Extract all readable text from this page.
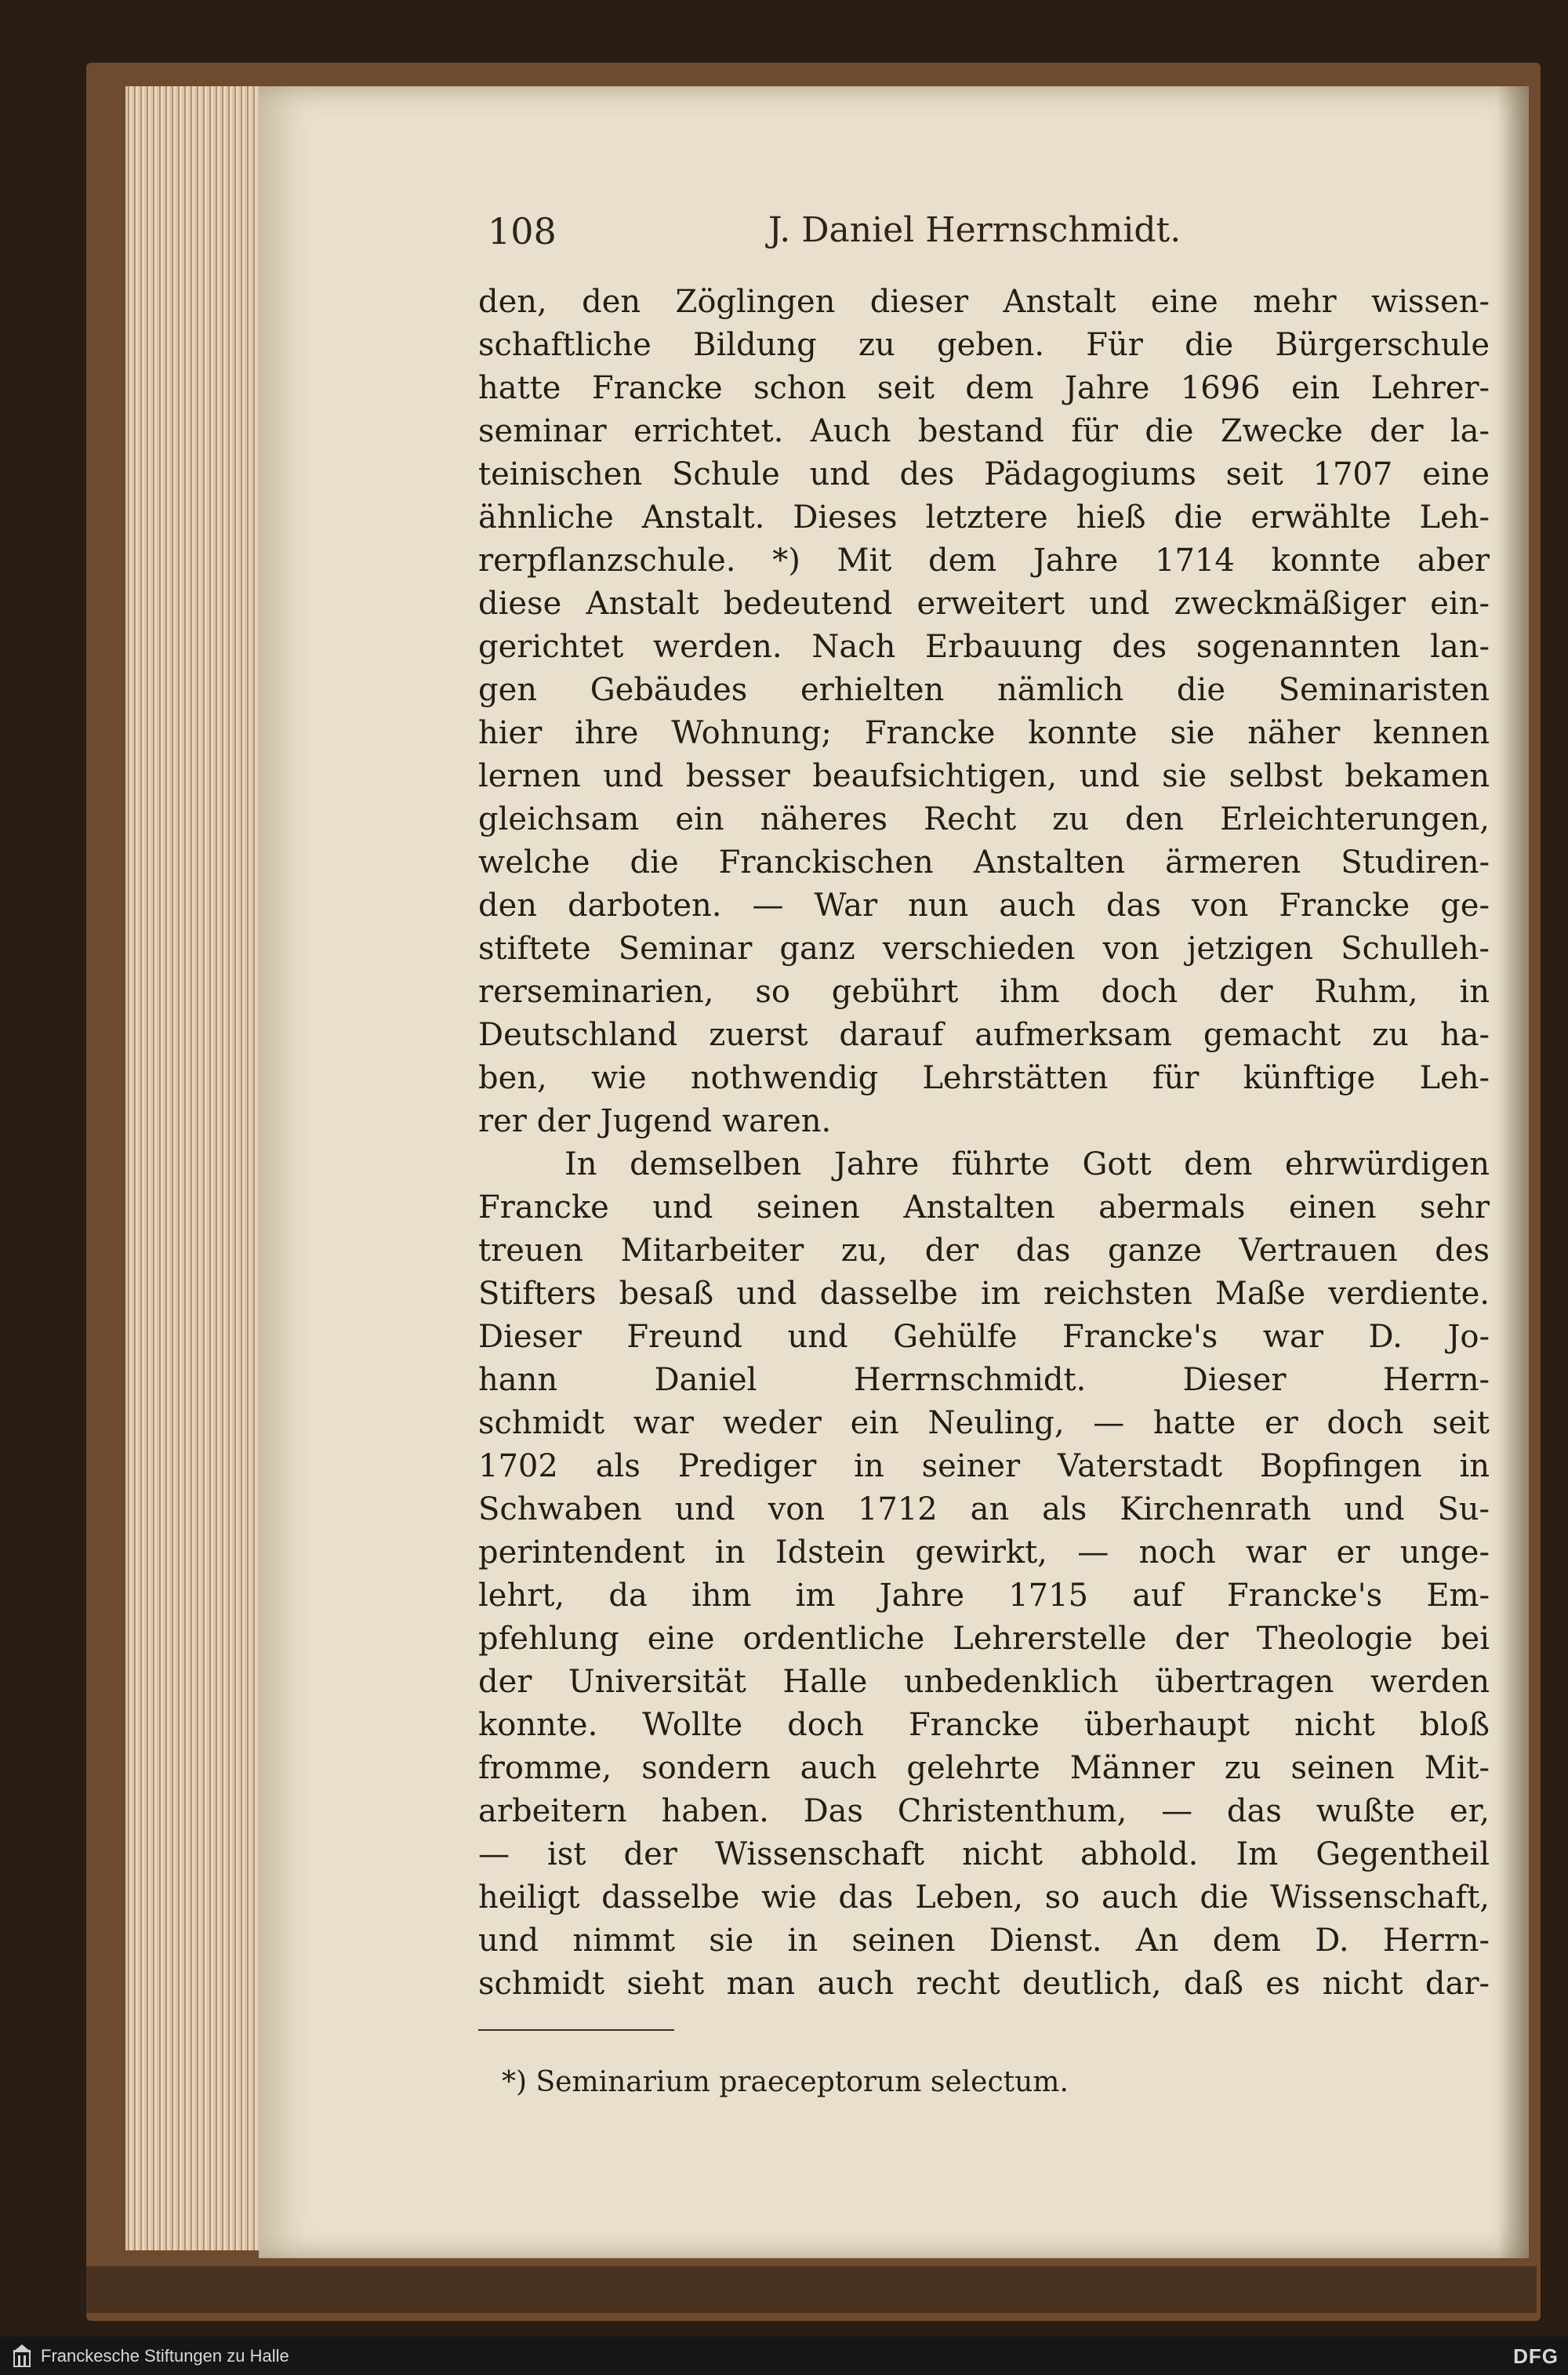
108	J. Daniel Herrnschmidt.
den, den Zöglingen dieser Anstalt eine mehr wissen-
schaftliche Bildung zu geben. Für die Bürgerschule
hatte Francke schon seit dem Jahre 1696 ein Lehrer-
seminar errichtet. Auch bestand für die Zwecke der la-
teinischen Schule und des Pädagogiums seit 1707 eine
ähnliche Anstalt. Dieses letztere hieß die erwählte Leh-
rerpflanzschule. *) Mit dem Jahre 1714 konnte aber
diese Anstalt bedeutend erweitert und zweckmäßiger ein-
gerichtet werden. Nach Erbauung des sogenannten lan-
gen Gebäudes erhielten nämlich die Seminaristen
hier ihre Wohnung; Francke konnte sie näher kennen
lernen und besser beaufsichtigen, und sie selbst bekamen
gleichsam ein näheres Recht zu den Erleichterungen,
welche die Franckischen Anstalten ärmeren Studiren-
den darboten. — War nun auch das von Francke ge-
stiftete Seminar ganz verschieden von jetzigen Schulleh-
rerseminarien, so gebührt ihm doch der Ruhm, in
Deutschland zuerst darauf aufmerksam gemacht zu ha-
ben, wie nothwendig Lehrstätten für künftige Leh-
rer der Jugend waren.
In demselben Jahre führte Gott dem ehrwürdigen
Francke und seinen Anstalten abermals einen sehr
treuen Mitarbeiter zu, der das ganze Vertrauen des
Stifters besaß und dasselbe im reichsten Maße verdiente.
Dieser Freund und Gehülfe Francke's war D. Jo-
hann Daniel Herrnschmidt. Dieser Herrn-
schmidt war weder ein Neuling, — hatte er doch seit
1702 als Prediger in seiner Vaterstadt Bopfingen in
Schwaben und von 1712 an als Kirchenrath und Su-
perintendent in Idstein gewirkt, — noch war er unge-
lehrt, da ihm im Jahre 1715 auf Francke's Em-
pfehlung eine ordentliche Lehrerstelle der Theologie bei
der Universität Halle unbedenklich übertragen werden
konnte. Wollte doch Francke überhaupt nicht bloß
fromme, sondern auch gelehrte Männer zu seinen Mit-
arbeitern haben. Das Christenthum, — das wußte er,
— ist der Wissenschaft nicht abhold. Im Gegentheil
heiligt dasselbe wie das Leben, so auch die Wissenschaft,
und nimmt sie in seinen Dienst. An dem D. Herrn-
schmidt sieht man auch recht deutlich, daß es nicht dar-
*) Seminarium praeceptorum selectum.
Franckesche Stiftungen zu Halle	DFG
